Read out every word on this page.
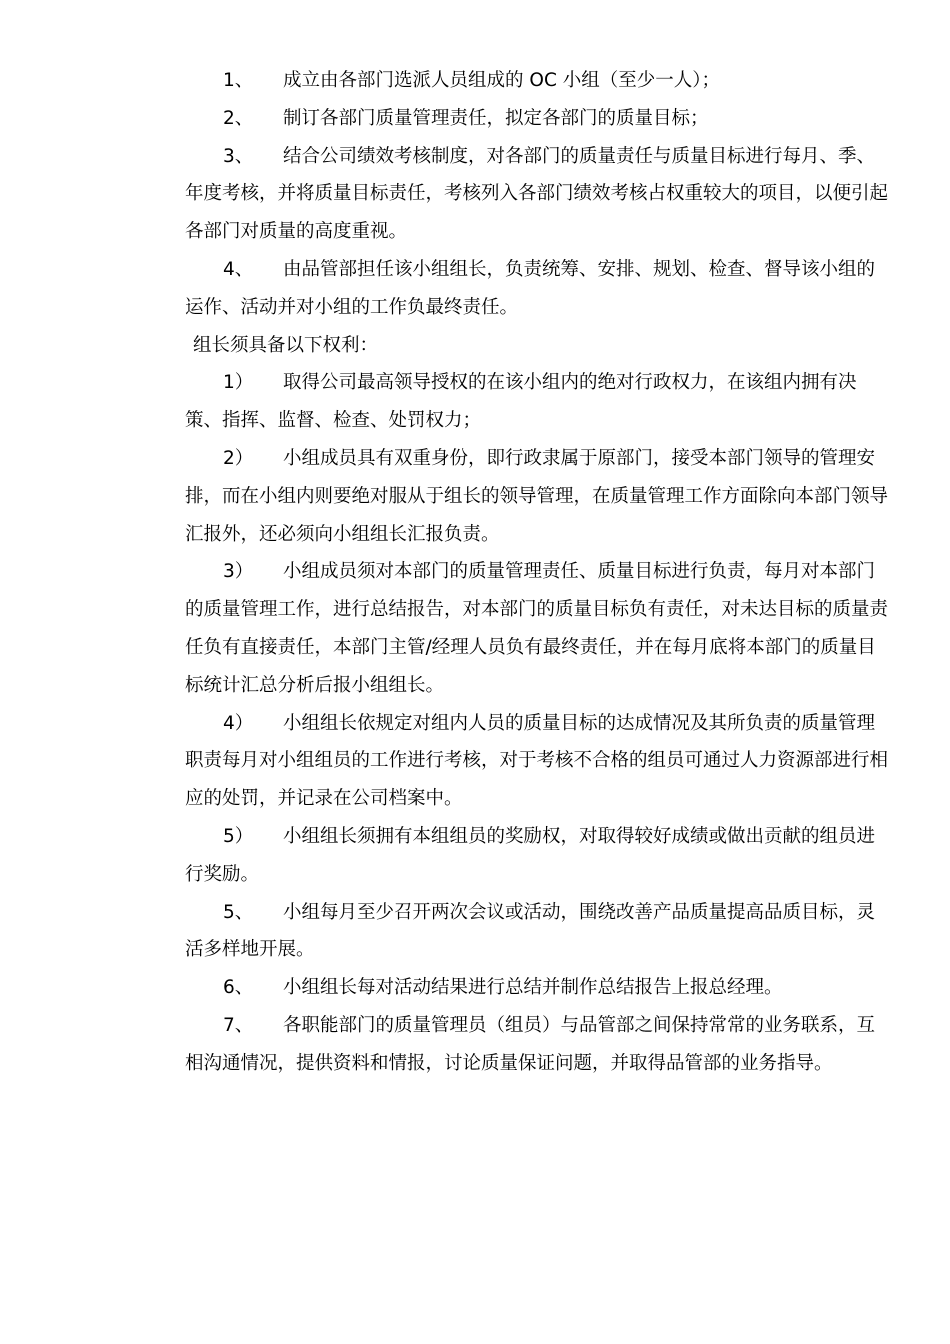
1、 成立由各部门选派人员组成的 OC 小组（至少一人）；

2、 制订各部门质量管理责任，拟定各部门的质量目标；

3、 结合公司绩效考核制度，对各部门的质量责任与质量目标进行每月、季、年度考核，并将质量目标责任，考核列入各部门绩效考核占权重较大的项目，以便引起各部门对质量的高度重视。

4、 由品管部担任该小组组长，负责统筹、安排、规划、检查、督导该小组的运作、活动并对小组的工作负最终责任。

组长须具备以下权利：

1） 取得公司最高领导授权的在该小组内的绝对行政权力，在该组内拥有决策、指挥、监督、检查、处罚权力；

2） 小组成员具有双重身份，即行政隶属于原部门，接受本部门领导的管理安排，而在小组内则要绝对服从于组长的领导管理，在质量管理工作方面除向本部门领导汇报外，还必须向小组组长汇报负责。

3） 小组成员须对本部门的质量管理责任、质量目标进行负责，每月对本部门的质量管理工作，进行总结报告，对本部门的质量目标负有责任，对未达目标的质量责任负有直接责任，本部门主管/经理人员负有最终责任，并在每月底将本部门的质量目标统计汇总分析后报小组组长。

4） 小组组长依规定对组内人员的质量目标的达成情况及其所负责的质量管理职责每月对小组组员的工作进行考核，对于考核不合格的组员可通过人力资源部进行相应的处罚，并记录在公司档案中。

5） 小组组长须拥有本组组员的奖励权，对取得较好成绩或做出贡献的组员进行奖励。

5、 小组每月至少召开两次会议或活动，围绕改善产品质量提高品质目标，灵活多样地开展。

6、 小组组长每对活动结果进行总结并制作总结报告上报总经理。

7、 各职能部门的质量管理员（组员）与品管部之间保持常常的业务联系，互相沟通情况，提供资料和情报，讨论质量保证问题，并取得品管部的业务指导。
